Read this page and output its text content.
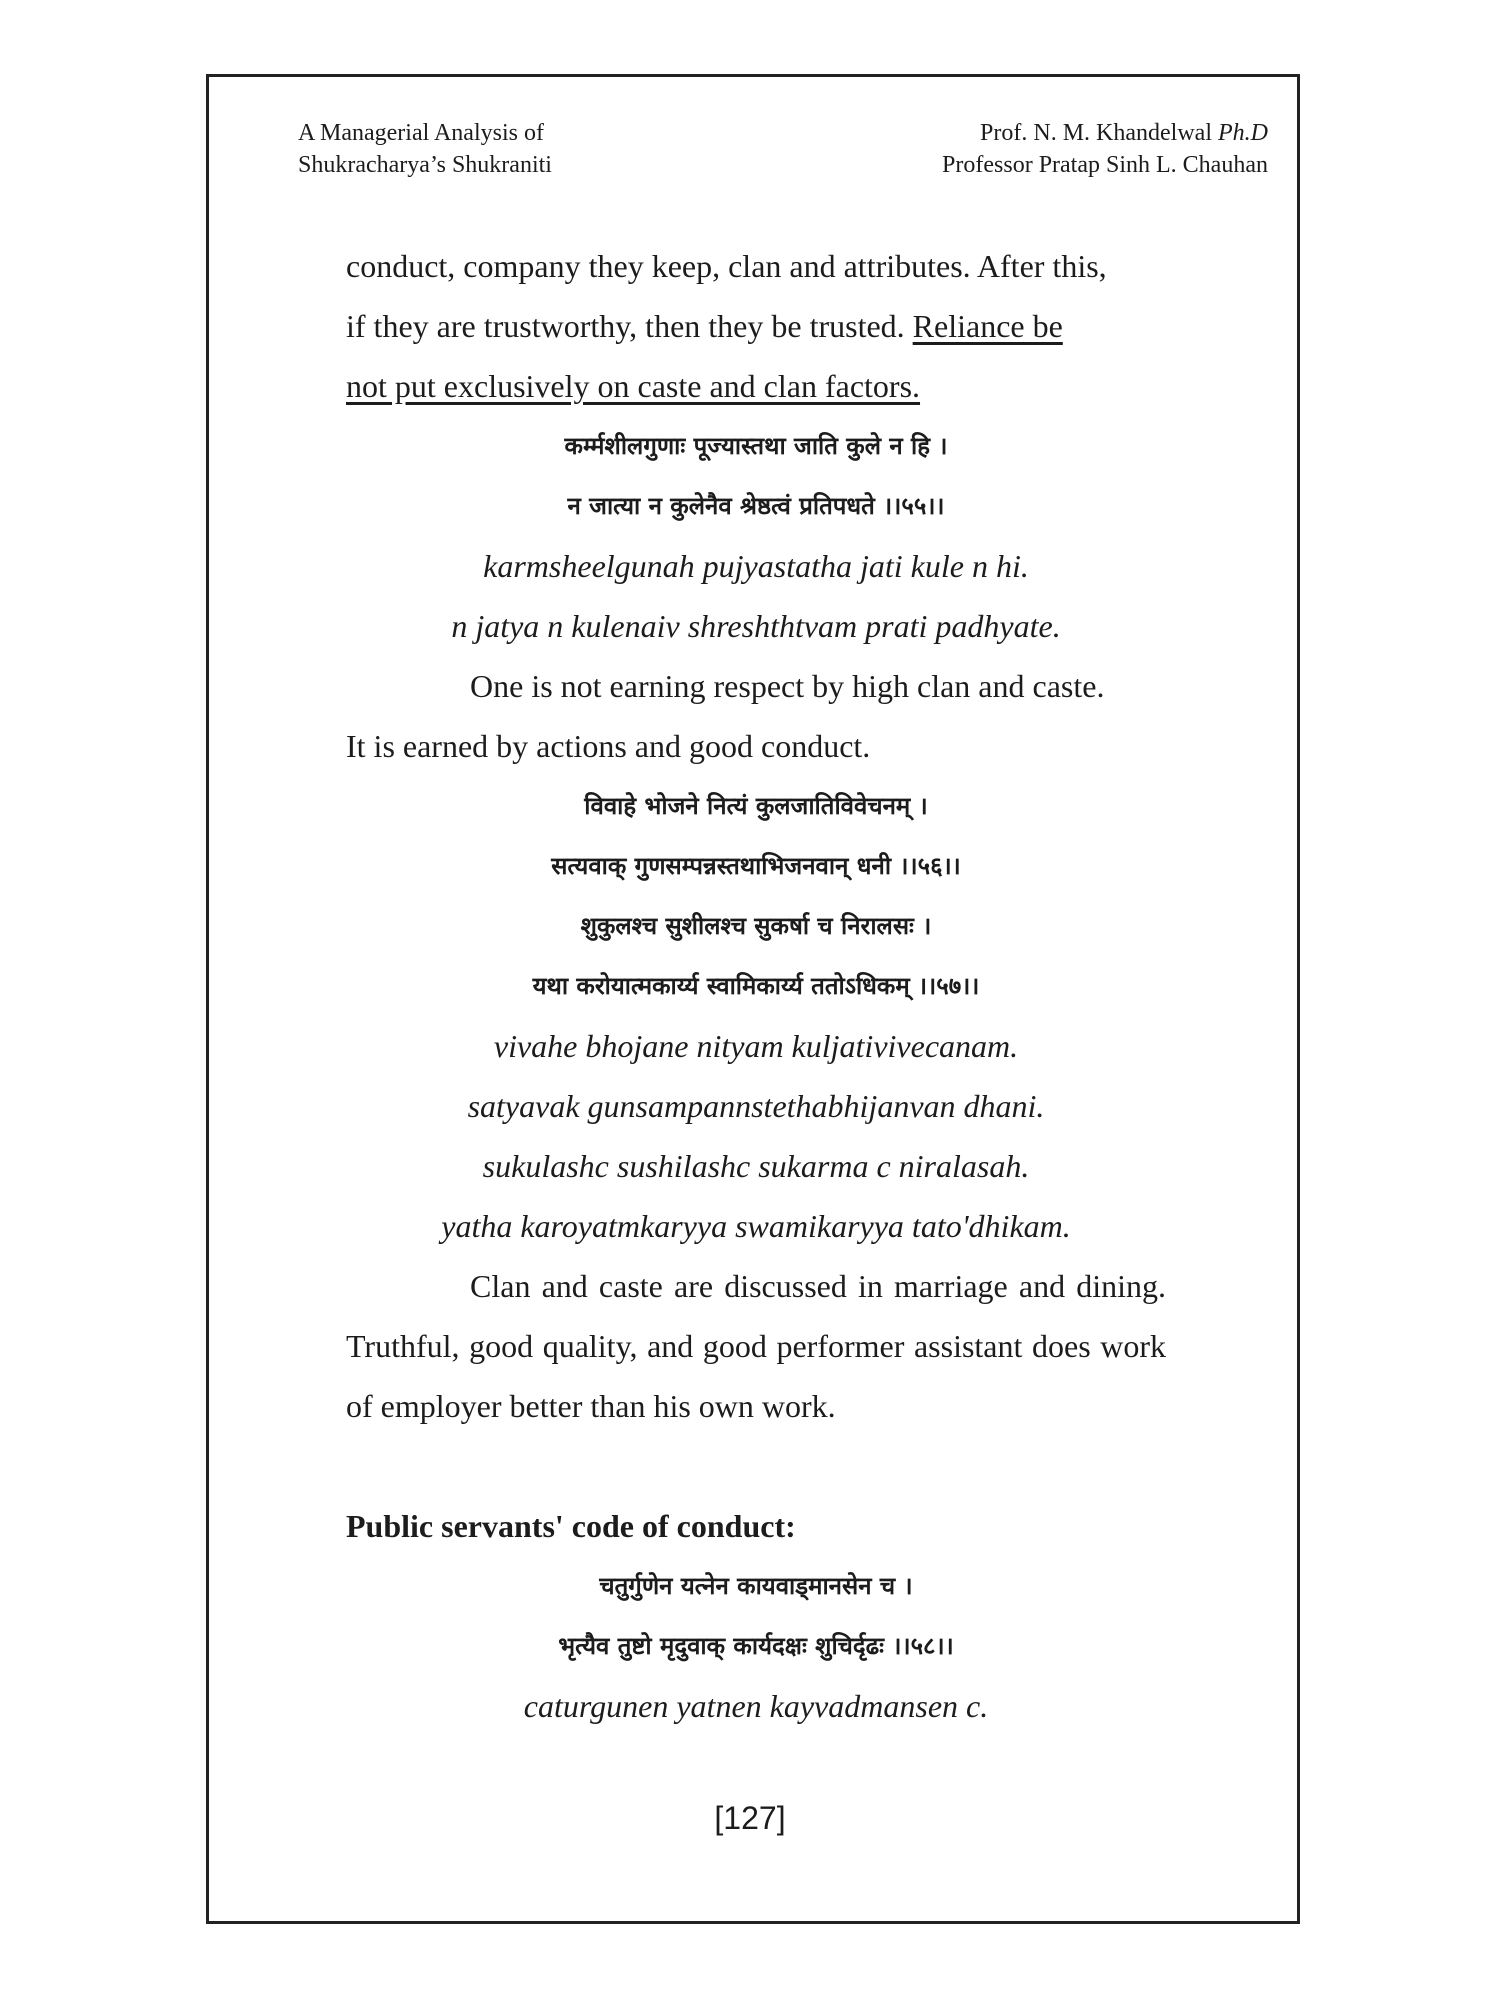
A Managerial Analysis of
Shukracharya’s Shukraniti
Prof. N. M. Khandelwal Ph.D
Professor Pratap Sinh L. Chauhan

conduct, company they keep, clan and attributes. After this,

if they are trustworthy, then they be trusted. Reliance be

not put exclusively on caste and clan factors.

कर्म्मशीलगुणाः पूज्यास्तथा जाति कुले न हि ।
न जात्या न कुलेनैव श्रेष्ठत्वं प्रतिपधते ।।५५।।
karmsheelgunah pujyastatha jati kule n hi.
n jatya n kulenaiv shreshthtvam prati padhyate.

One is not earning respect by high clan and caste.

It is earned by actions and good conduct.

विवाहे भोजने नित्यं कुलजातिविवेचनम् ।
सत्यवाक् गुणसम्पन्नस्तथाभिजनवान् धनी ।।५६।।
शुकुलश्च सुशीलश्च सुकर्षा च निरालसः ।
यथा करोयात्मकार्य्य स्वामिकार्य्य ततोऽधिकम् ।।५७।।
vivahe bhojane nityam kuljativivecanam.
satyavak gunsampannstethabhijanvan dhani.
sukulashc sushilashc sukarma c niralasah.
yatha karoyatmkaryya swamikaryya tato'dhikam.

Clan and caste are discussed in marriage and dining. Truthful, good quality, and good performer assistant does work of employer better than his own work.

Public servants' code of conduct:

चतुर्गुणेन यत्नेन कायवाड्मानसेन च ।
भृत्यैव तुष्टो मृदुवाक् कार्यदक्षः शुचिर्दृढः ।।५८।।
caturgunen yatnen kayvadmansen c.
[127]
